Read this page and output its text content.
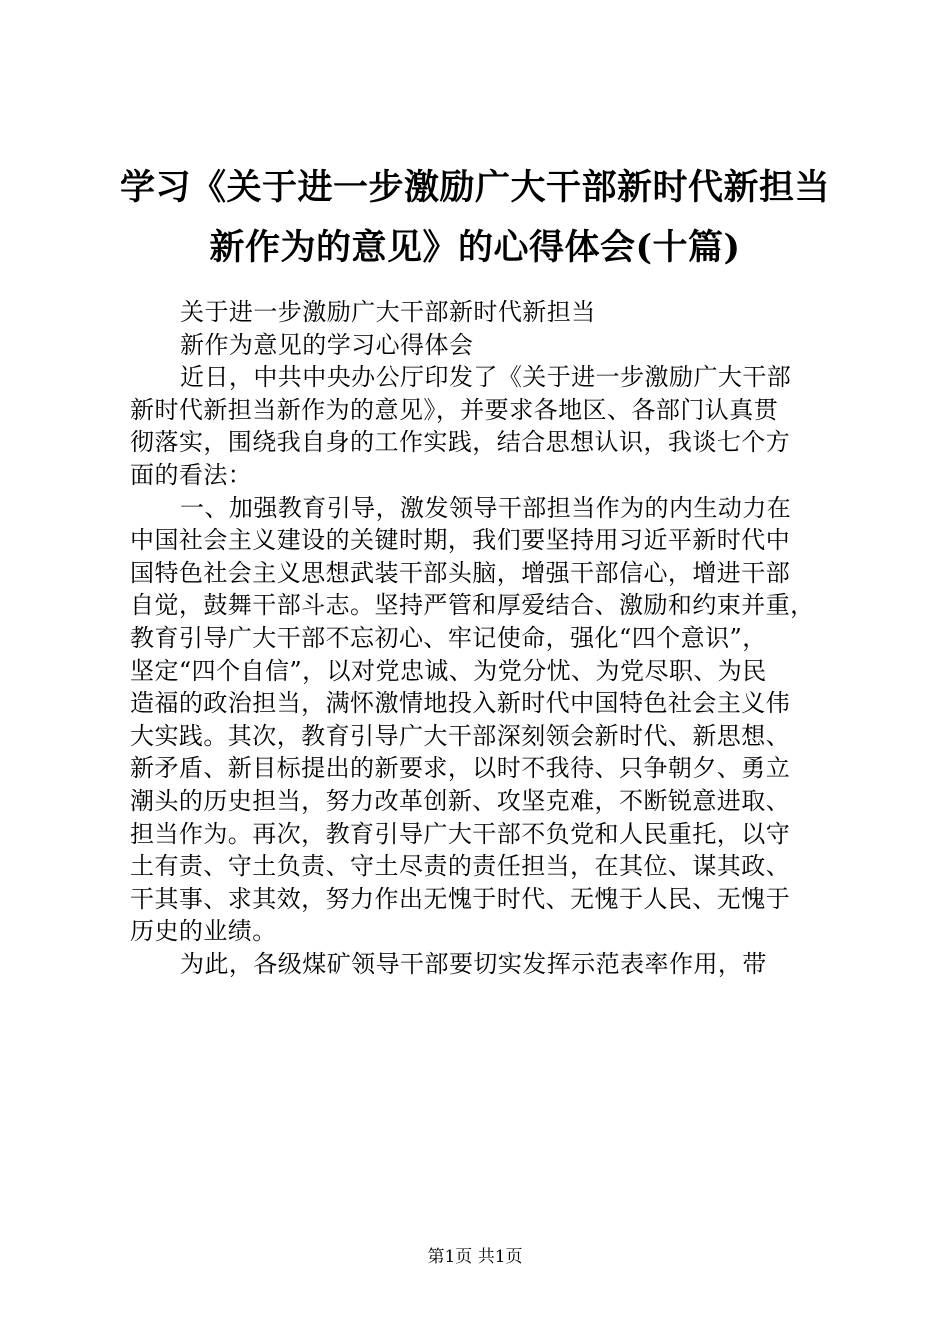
学习《关于进一步激励广大干部新时代新担当
新作为的意见》的心得体会(十篇)
关于进一步激励广大干部新时代新担当
新作为意见的学习心得体会
近日，中共中央办公厅印发了《关于进一步激励广大干部
新时代新担当新作为的意见》，并要求各地区、各部门认真贯
彻落实，围绕我自身的工作实践，结合思想认识，我谈七个方
面的看法：
一、加强教育引导，激发领导干部担当作为的内生动力在
中国社会主义建设的关键时期，我们要坚持用习近平新时代中
国特色社会主义思想武装干部头脑，增强干部信心，增进干部
自觉，鼓舞干部斗志。坚持严管和厚爱结合、激励和约束并重，
教育引导广大干部不忘初心、牢记使命，强化“四个意识”，
坚定“四个自信”，以对党忠诚、为党分忧、为党尽职、为民
造福的政治担当，满怀激情地投入新时代中国特色社会主义伟
大实践。其次，教育引导广大干部深刻领会新时代、新思想、
新矛盾、新目标提出的新要求，以时不我待、只争朝夕、勇立
潮头的历史担当，努力改革创新、攻坚克难，不断锐意进取、
担当作为。再次，教育引导广大干部不负党和人民重托，以守
土有责、守土负责、守土尽责的责任担当，在其位、谋其政、
干其事、求其效，努力作出无愧于时代、无愧于人民、无愧于
历史的业绩。
为此，各级煤矿领导干部要切实发挥示范表率作用，带
第1页 共1页
